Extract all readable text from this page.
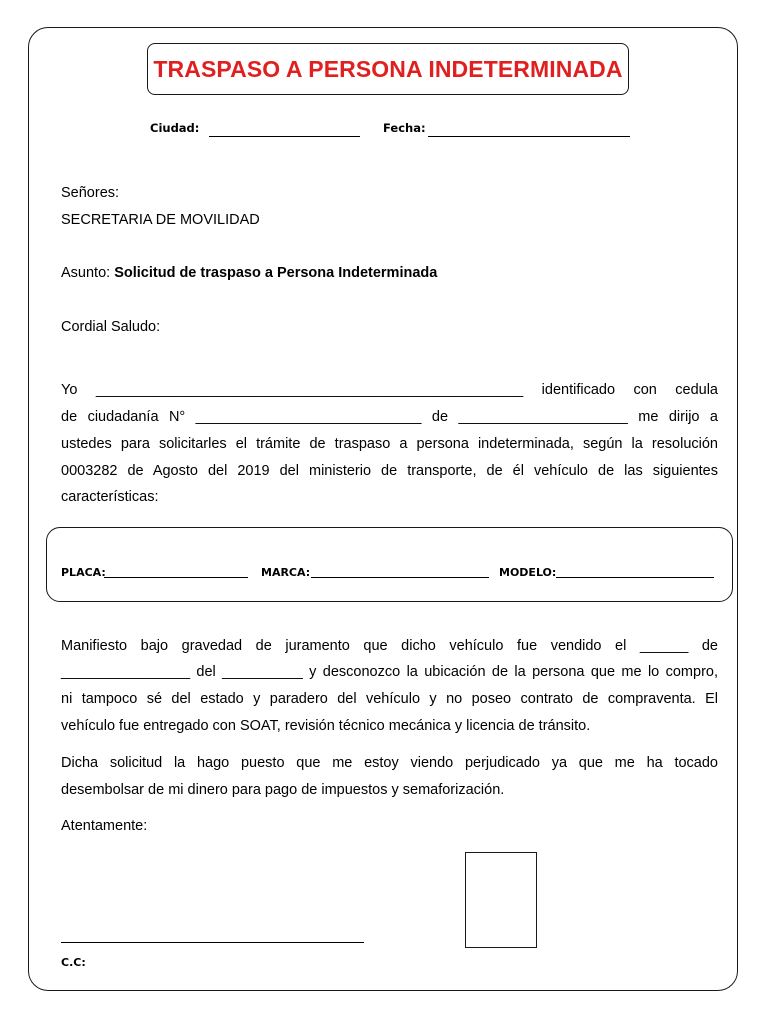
TRASPASO A PERSONA INDETERMINADA
Ciudad:	Fecha:
Señores:
SECRETARIA DE MOVILIDAD
Asunto: Solicitud de traspaso a Persona Indeterminada
Cordial Saludo:
Yo _____________________________________________________ identificado con cedula
de ciudadanía N° ____________________________ de _____________________ me dirijo a
ustedes para solicitarles el trámite de traspaso a persona indeterminada, según la resolución
0003282 de Agosto del 2019 del ministerio de transporte, de él vehículo de las siguientes
características:
PLACA:	MARCA:	MODELO:
Manifiesto bajo gravedad de juramento que dicho vehículo fue vendido el ______ de
________________ del __________ y desconozco la ubicación de la persona que me lo compro,
ni tampoco sé del estado y paradero del vehículo y no poseo contrato de compraventa. El
vehículo fue entregado con SOAT, revisión técnico mecánica y licencia de tránsito.
Dicha solicitud la hago puesto que me estoy viendo perjudicado ya que me ha tocado
desembolsar de mi dinero para pago de impuestos y semaforización.
Atentamente:
C.C:
